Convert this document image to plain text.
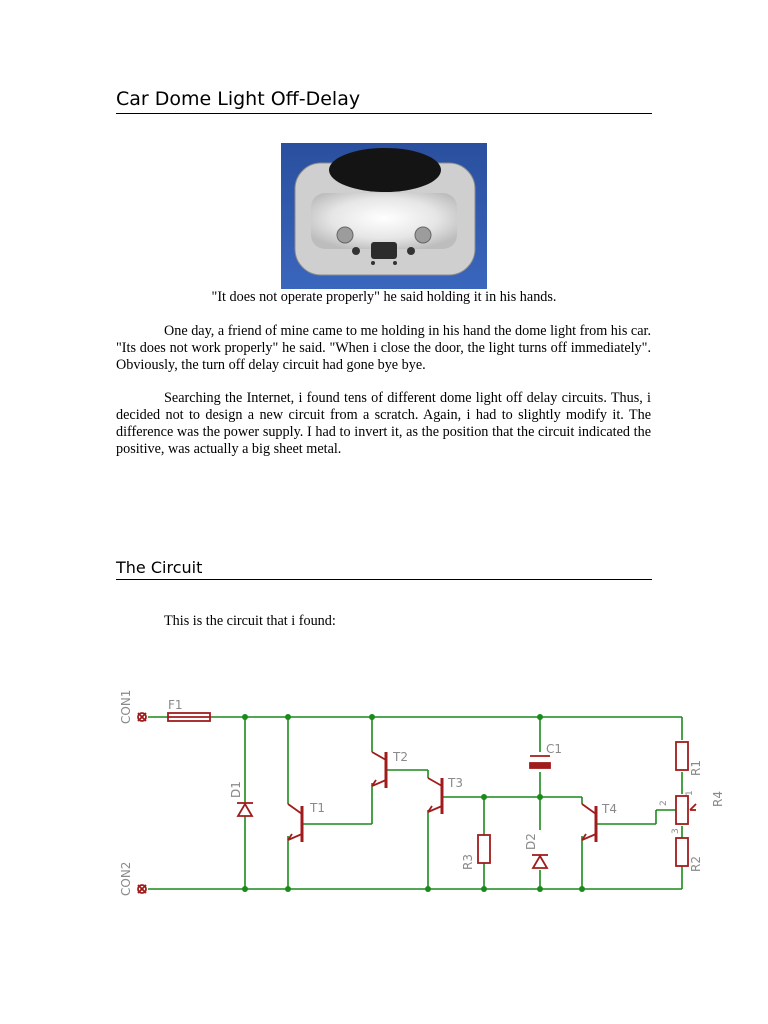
Car Dome Light Off-Delay
"It does not operate properly" he said holding it in his hands.
One day, a friend of mine came to me holding in his hand the dome light from his car. "Its does not work properly" he said. "When i close the door, the light turns off immediately". Obviously, the turn off delay circuit had gone bye bye.
Searching the Internet, i found tens of different dome light off delay circuits. Thus, i decided not to design a new circuit from a scratch. Again, i had to slightly modify it. The difference was the power supply. I had to invert it, as the position that the circuit indicated the positive, was actually a big sheet metal.
The Circuit
This is the circuit that i found:
CON1
CON2
F1
D1
T1
T2
T3
R3
C1
D2
T4
R1
R4
R2
1
2
3
